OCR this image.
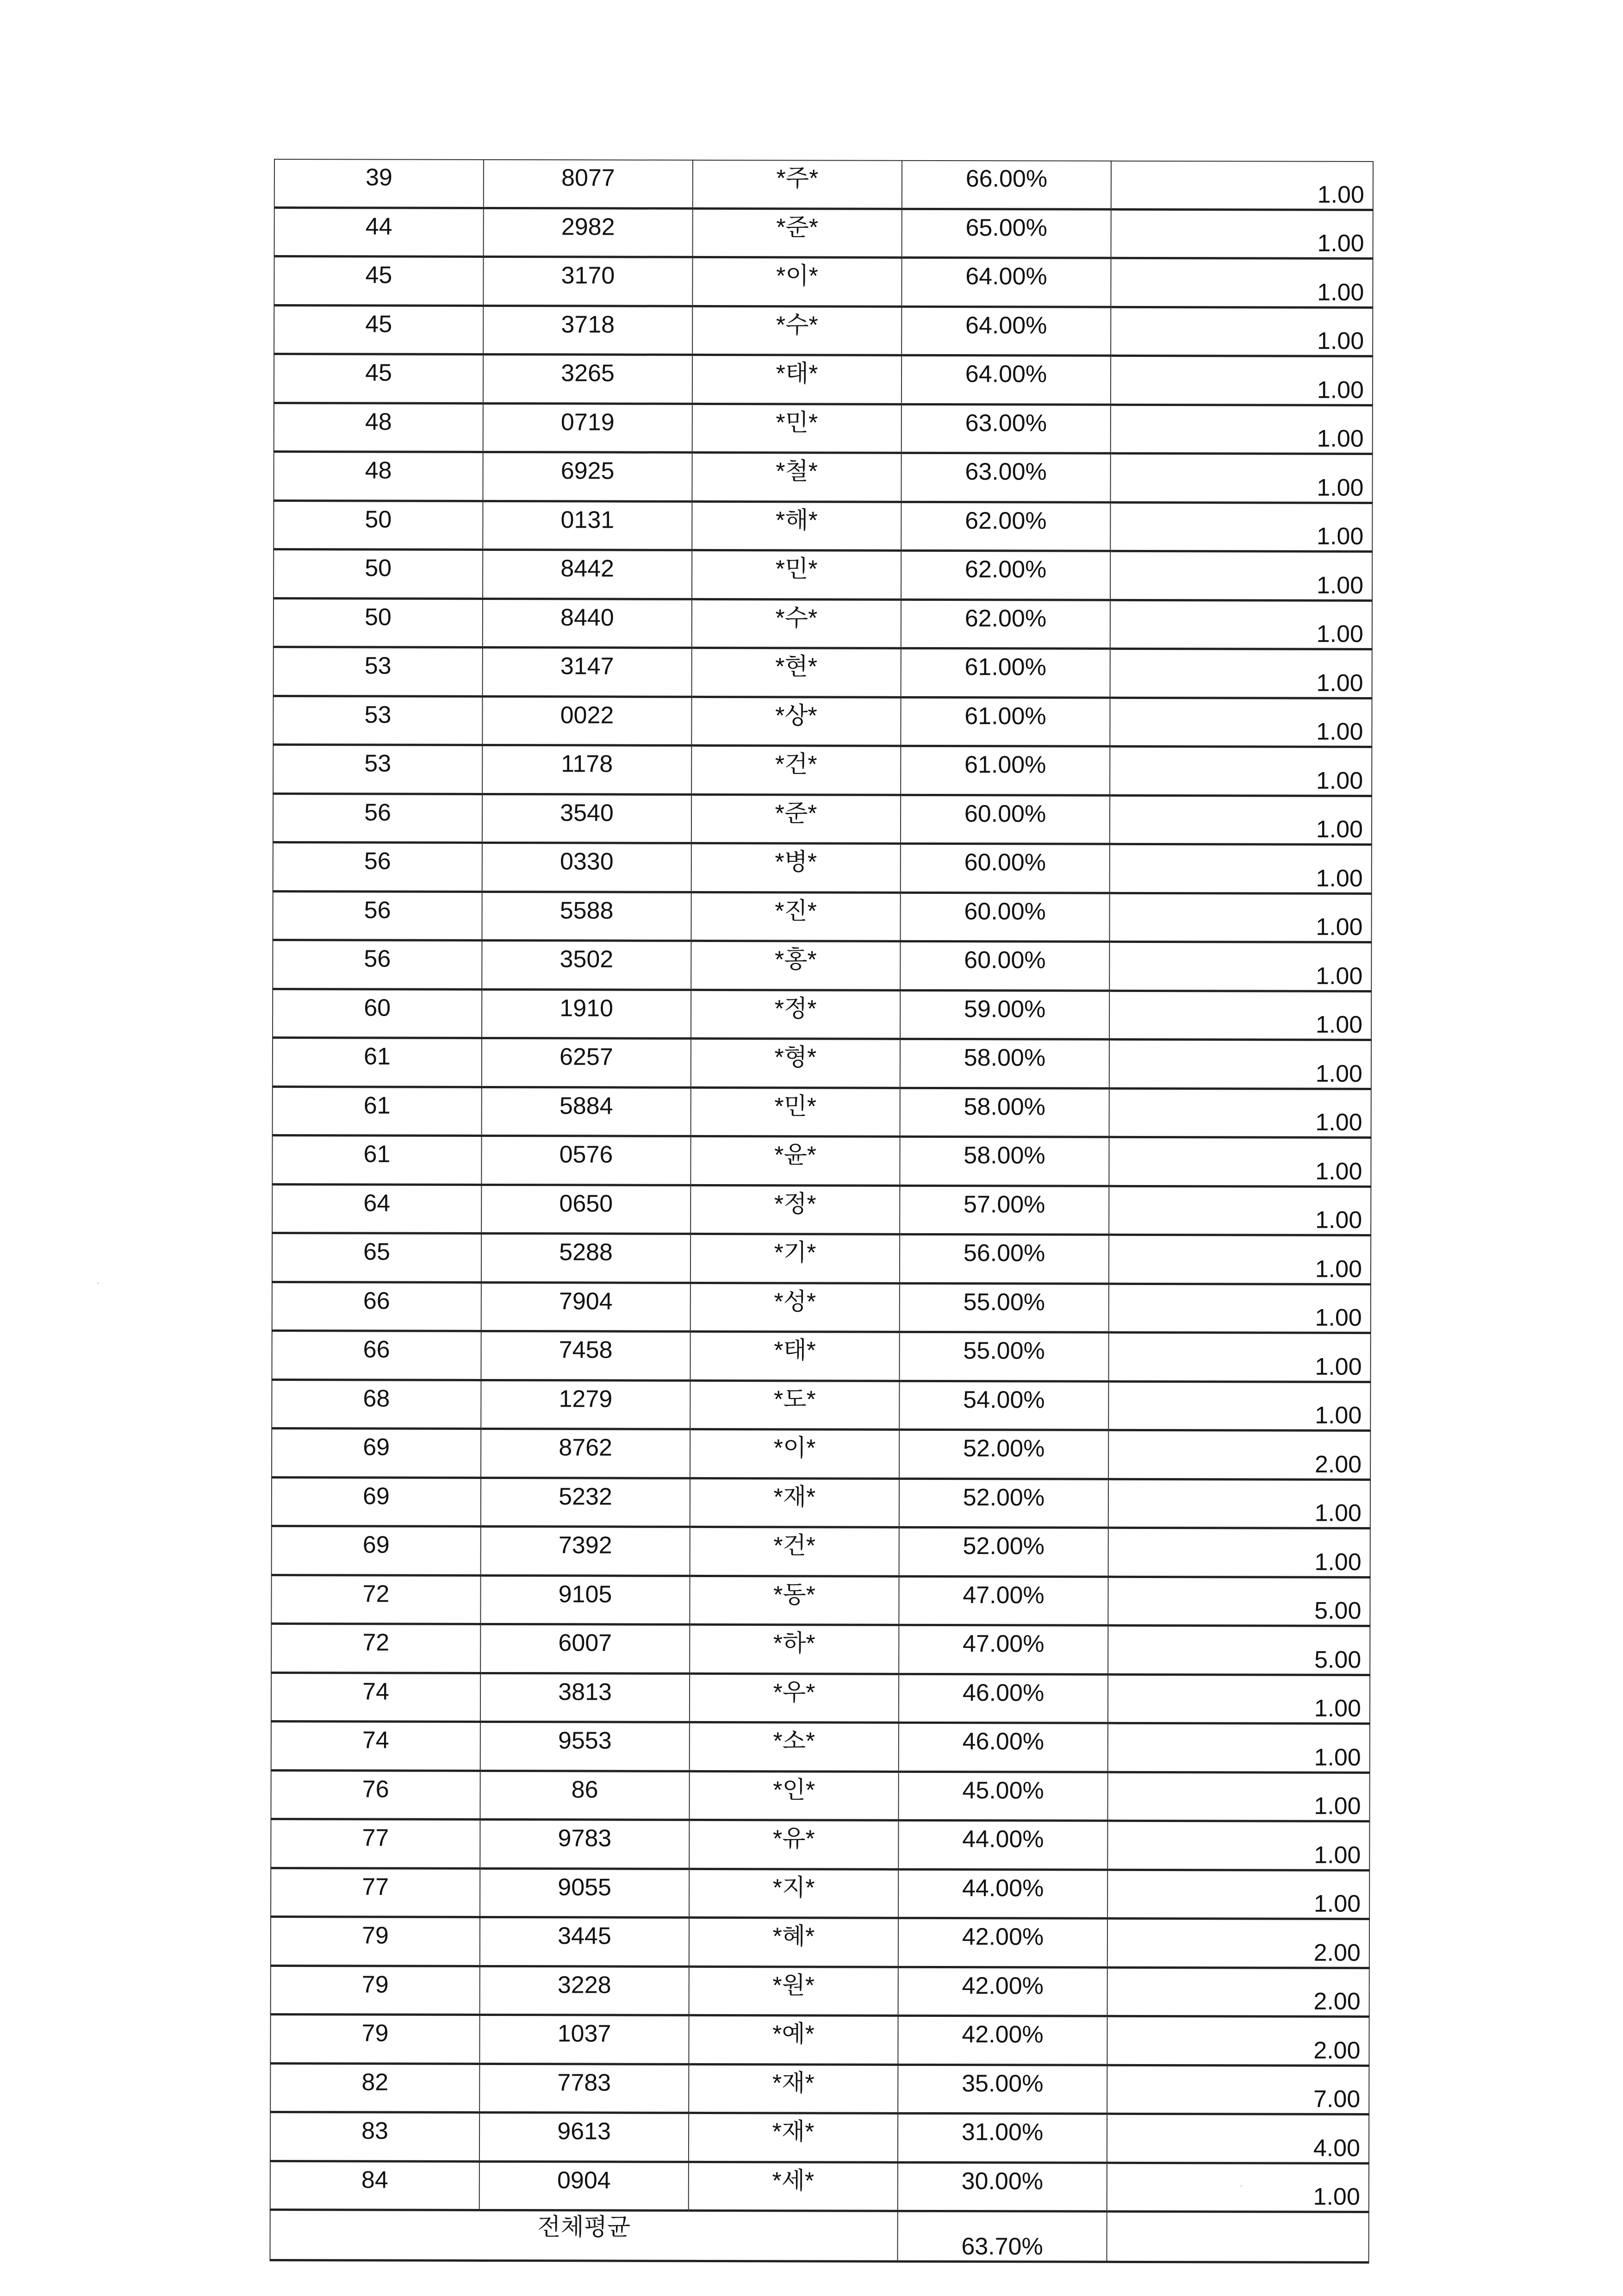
39	8077	*주*	66.00%	1.00
44	2982	*준*	65.00%	1.00
45	3170	*이*	64.00%	1.00
45	3718	*수*	64.00%	1.00
45	3265	*태*	64.00%	1.00
48	0719	*민*	63.00%	1.00
48	6925	*철*	63.00%	1.00
50	0131	*해*	62.00%	1.00
50	8442	*민*	62.00%	1.00
50	8440	*수*	62.00%	1.00
53	3147	*현*	61.00%	1.00
53	0022	*상*	61.00%	1.00
53	1178	*건*	61.00%	1.00
56	3540	*준*	60.00%	1.00
56	0330	*병*	60.00%	1.00
56	5588	*진*	60.00%	1.00
56	3502	*홍*	60.00%	1.00
60	1910	*정*	59.00%	1.00
61	6257	*형*	58.00%	1.00
61	5884	*민*	58.00%	1.00
61	0576	*윤*	58.00%	1.00
64	0650	*정*	57.00%	1.00
65	5288	*기*	56.00%	1.00
66	7904	*성*	55.00%	1.00
66	7458	*태*	55.00%	1.00
68	1279	*도*	54.00%	1.00
69	8762	*이*	52.00%	2.00
69	5232	*재*	52.00%	1.00
69	7392	*건*	52.00%	1.00
72	9105	*동*	47.00%	5.00
72	6007	*하*	47.00%	5.00
74	3813	*우*	46.00%	1.00
74	9553	*소*	46.00%	1.00
76	86	*인*	45.00%	1.00
77	9783	*유*	44.00%	1.00
77	9055	*지*	44.00%	1.00
79	3445	*혜*	42.00%	2.00
79	3228	*원*	42.00%	2.00
79	1037	*예*	42.00%	2.00
82	7783	*재*	35.00%	7.00
83	9613	*재*	31.00%	4.00
84	0904	*세*	30.00%	1.00
전체평균			63.70%	
